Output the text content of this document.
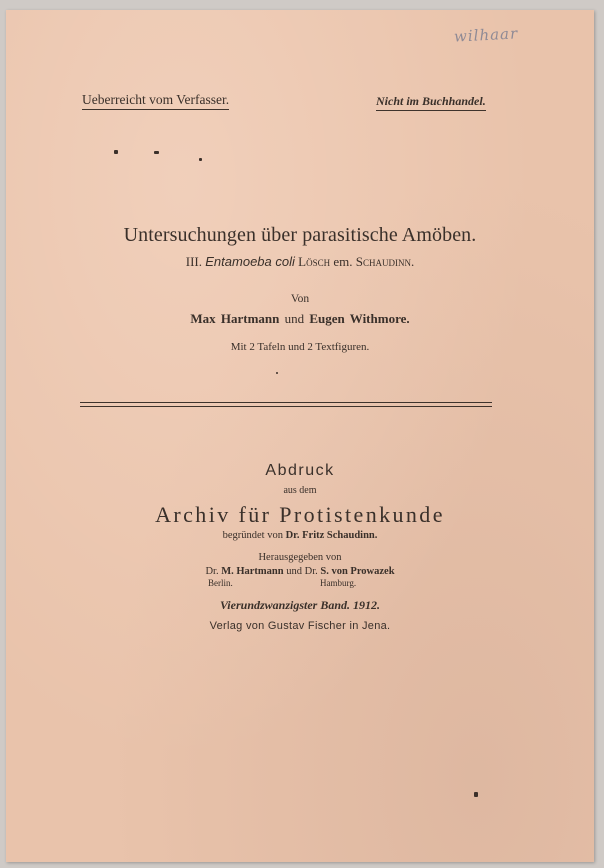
wilhaar
Ueberreicht vom Verfasser.	Nicht im Buchhandel.
Untersuchungen über parasitische Amöben.
III. Entamoeba coli Lösch em. Schaudinn.
Von
Max Hartmann und Eugen Withmore.
Mit 2 Tafeln und 2 Textfiguren.
Abdruck
aus dem
Archiv für Protistenkunde
begründet von Dr. Fritz Schaudinn.
Herausgegeben von
Dr. M. Hartmann und Dr. S. von Prowazek
Berlin.	Hamburg.
Vierundzwanzigster Band. 1912.
Verlag von Gustav Fischer in Jena.
